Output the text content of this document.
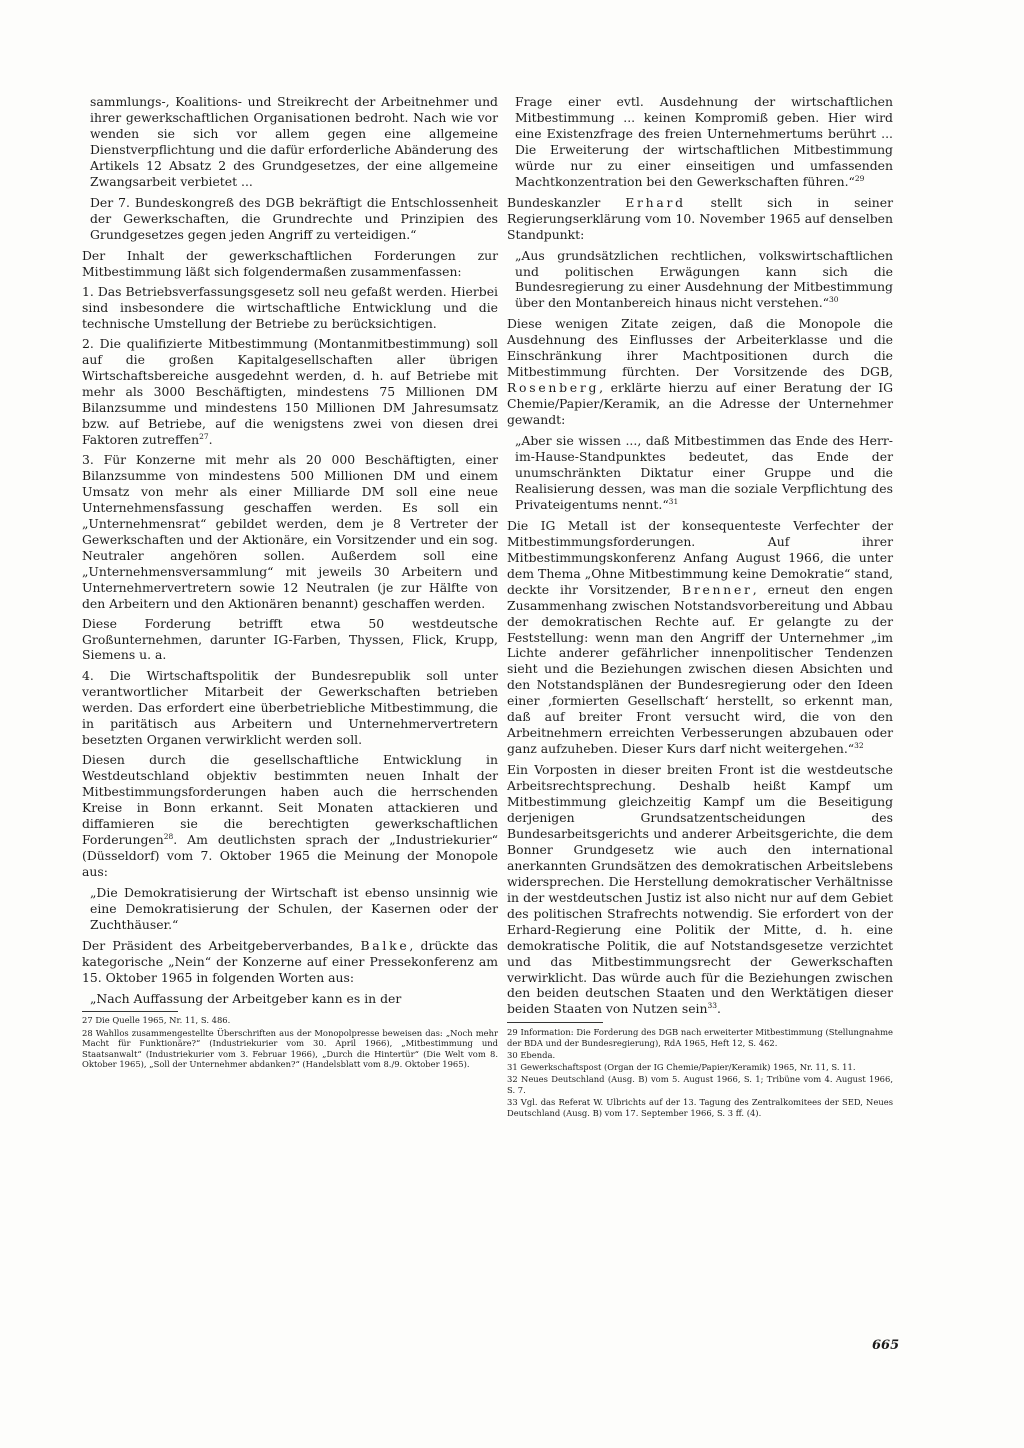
sammlungs-, Koalitions- und Streikrecht der Arbeitnehmer und ihrer gewerkschaftlichen Organisationen bedroht. Nach wie vor wenden sie sich vor allem gegen eine allgemeine Dienstverpflichtung und die dafür erforderliche Abänderung des Artikels 12 Absatz 2 des Grundgesetzes, der eine allgemeine Zwangsarbeit verbietet ...

Der 7. Bundeskongreß des DGB bekräftigt die Entschlossenheit der Gewerkschaften, die Grundrechte und Prinzipien des Grundgesetzes gegen jeden Angriff zu verteidigen.“

Der Inhalt der gewerkschaftlichen Forderungen zur Mitbestimmung läßt sich folgendermaßen zusammenfassen:

1. Das Betriebsverfassungsgesetz soll neu gefaßt werden. Hierbei sind insbesondere die wirtschaftliche Entwicklung und die technische Umstellung der Betriebe zu berücksichtigen.

2. Die qualifizierte Mitbestimmung (Montanmitbestimmung) soll auf die großen Kapitalgesellschaften aller übrigen Wirtschaftsbereiche ausgedehnt werden, d. h. auf Betriebe mit mehr als 3000 Beschäftigten, mindestens 75 Millionen DM Bilanzsumme und mindestens 150 Millionen DM Jahresumsatz bzw. auf Betriebe, auf die wenigstens zwei von diesen drei Faktoren zutreffen$^{27}$.

3. Für Konzerne mit mehr als 20 000 Beschäftigten, einer Bilanzsumme von mindestens 500 Millionen DM und einem Umsatz von mehr als einer Milliarde DM soll eine neue Unternehmensfassung geschaffen werden. Es soll ein „Unternehmensrat“ gebildet werden, dem je 8 Vertreter der Gewerkschaften und der Aktionäre, ein Vorsitzender und ein sog. Neutraler angehören sollen. Außerdem soll eine „Unternehmensversammlung“ mit jeweils 30 Arbeitern und Unternehmervertretern sowie 12 Neutralen (je zur Hälfte von den Arbeitern und den Aktionären benannt) geschaffen werden.

Diese Forderung betrifft etwa 50 westdeutsche Großunternehmen, darunter IG-Farben, Thyssen, Flick, Krupp, Siemens u. a.

4. Die Wirtschaftspolitik der Bundesrepublik soll unter verantwortlicher Mitarbeit der Gewerkschaften betrieben werden. Das erfordert eine überbetriebliche Mitbestimmung, die in paritätisch aus Arbeitern und Unternehmervertretern besetzten Organen verwirklicht werden soll.

Diesen durch die gesellschaftliche Entwicklung in Westdeutschland objektiv bestimmten neuen Inhalt der Mitbestimmungsforderungen haben auch die herrschenden Kreise in Bonn erkannt. Seit Monaten attackieren und diffamieren sie die berechtigten gewerkschaftlichen Forderungen$^{28}$. Am deutlichsten sprach der „Industriekurier“ (Düsseldorf) vom 7. Oktober 1965 die Meinung der Monopole aus:

„Die Demokratisierung der Wirtschaft ist ebenso unsinnig wie eine Demokratisierung der Schulen, der Kasernen oder der Zuchthäuser.“

Der Präsident des Arbeitgeberverbandes, Balke, drückte das kategorische „Nein“ der Konzerne auf einer Pressekonferenz am 15. Oktober 1965 in folgenden Worten aus:

„Nach Auffassung der Arbeitgeber kann es in der

27 Die Quelle 1965, Nr. 11, S. 486.

28 Wahllos zusammengestellte Überschriften aus der Monopolpresse beweisen das: „Noch mehr Macht für Funktionäre?“ (Industriekurier vom 30. April 1966), „Mitbestimmung und Staatsanwalt“ (Industriekurier vom 3. Februar 1966), „Durch die Hintertür“ (Die Welt vom 8. Oktober 1965), „Soll der Unternehmer abdanken?“ (Handelsblatt vom 8./9. Oktober 1965).

Frage einer evtl. Ausdehnung der wirtschaftlichen Mitbestimmung ... keinen Kompromiß geben. Hier wird eine Existenzfrage des freien Unternehmertums berührt ... Die Erweiterung der wirtschaftlichen Mitbestimmung würde nur zu einer einseitigen und umfassenden Machtkonzentration bei den Gewerkschaften führen.“$^{29}$

Bundeskanzler Erhard stellt sich in seiner Regierungserklärung vom 10. November 1965 auf denselben Standpunkt:

„Aus grundsätzlichen rechtlichen, volkswirtschaftlichen und politischen Erwägungen kann sich die Bundesregierung zu einer Ausdehnung der Mitbestimmung über den Montanbereich hinaus nicht verstehen.“$^{30}$

Diese wenigen Zitate zeigen, daß die Monopole die Ausdehnung des Einflusses der Arbeiterklasse und die Einschränkung ihrer Machtpositionen durch die Mitbestimmung fürchten. Der Vorsitzende des DGB, Rosenberg, erklärte hierzu auf einer Beratung der IG Chemie/Papier/Keramik, an die Adresse der Unternehmer gewandt:

„Aber sie wissen ..., daß Mitbestimmen das Ende des Herr-im-Hause-Standpunktes bedeutet, das Ende der unumschränkten Diktatur einer Gruppe und die Realisierung dessen, was man die soziale Verpflichtung des Privateigentums nennt.“$^{31}$

Die IG Metall ist der konsequenteste Verfechter der Mitbestimmungsforderungen. Auf ihrer Mitbestimmungskonferenz Anfang August 1966, die unter dem Thema „Ohne Mitbestimmung keine Demokratie“ stand, deckte ihr Vorsitzender, Brenner, erneut den engen Zusammenhang zwischen Notstandsvorbereitung und Abbau der demokratischen Rechte auf. Er gelangte zu der Feststellung: wenn man den Angriff der Unternehmer „im Lichte anderer gefährlicher innenpolitischer Tendenzen sieht und die Beziehungen zwischen diesen Absichten und den Notstandsplänen der Bundesregierung oder den Ideen einer ‚formierten Gesellschaft‘ herstellt, so erkennt man, daß auf breiter Front versucht wird, die von den Arbeitnehmern erreichten Verbesserungen abzubauen oder ganz aufzuheben. Dieser Kurs darf nicht weitergehen.“$^{32}$

Ein Vorposten in dieser breiten Front ist die westdeutsche Arbeitsrechtsprechung. Deshalb heißt Kampf um Mitbestimmung gleichzeitig Kampf um die Beseitigung derjenigen Grundsatzentscheidungen des Bundesarbeitsgerichts und anderer Arbeitsgerichte, die dem Bonner Grundgesetz wie auch den international anerkannten Grundsätzen des demokratischen Arbeitslebens widersprechen. Die Herstellung demokratischer Verhältnisse in der westdeutschen Justiz ist also nicht nur auf dem Gebiet des politischen Strafrechts notwendig. Sie erfordert von der Erhard-Regierung eine Politik der Mitte, d. h. eine demokratische Politik, die auf Notstandsgesetze verzichtet und das Mitbestimmungsrecht der Gewerkschaften verwirklicht. Das würde auch für die Beziehungen zwischen den beiden deutschen Staaten und den Werktätigen dieser beiden Staaten von Nutzen sein$^{33}$.

29 Information: Die Forderung des DGB nach erweiterter Mitbestimmung (Stellungnahme der BDA und der Bundesregierung), RdA 1965, Heft 12, S. 462.

30 Ebenda.

31 Gewerkschaftspost (Organ der IG Chemie/Papier/Keramik) 1965, Nr. 11, S. 11.

32 Neues Deutschland (Ausg. B) vom 5. August 1966, S. 1; Tribüne vom 4. August 1966, S. 7.

33 Vgl. das Referat W. Ulbrichts auf der 13. Tagung des Zentralkomitees der SED, Neues Deutschland (Ausg. B) vom 17. September 1966, S. 3 ff. (4).

665
